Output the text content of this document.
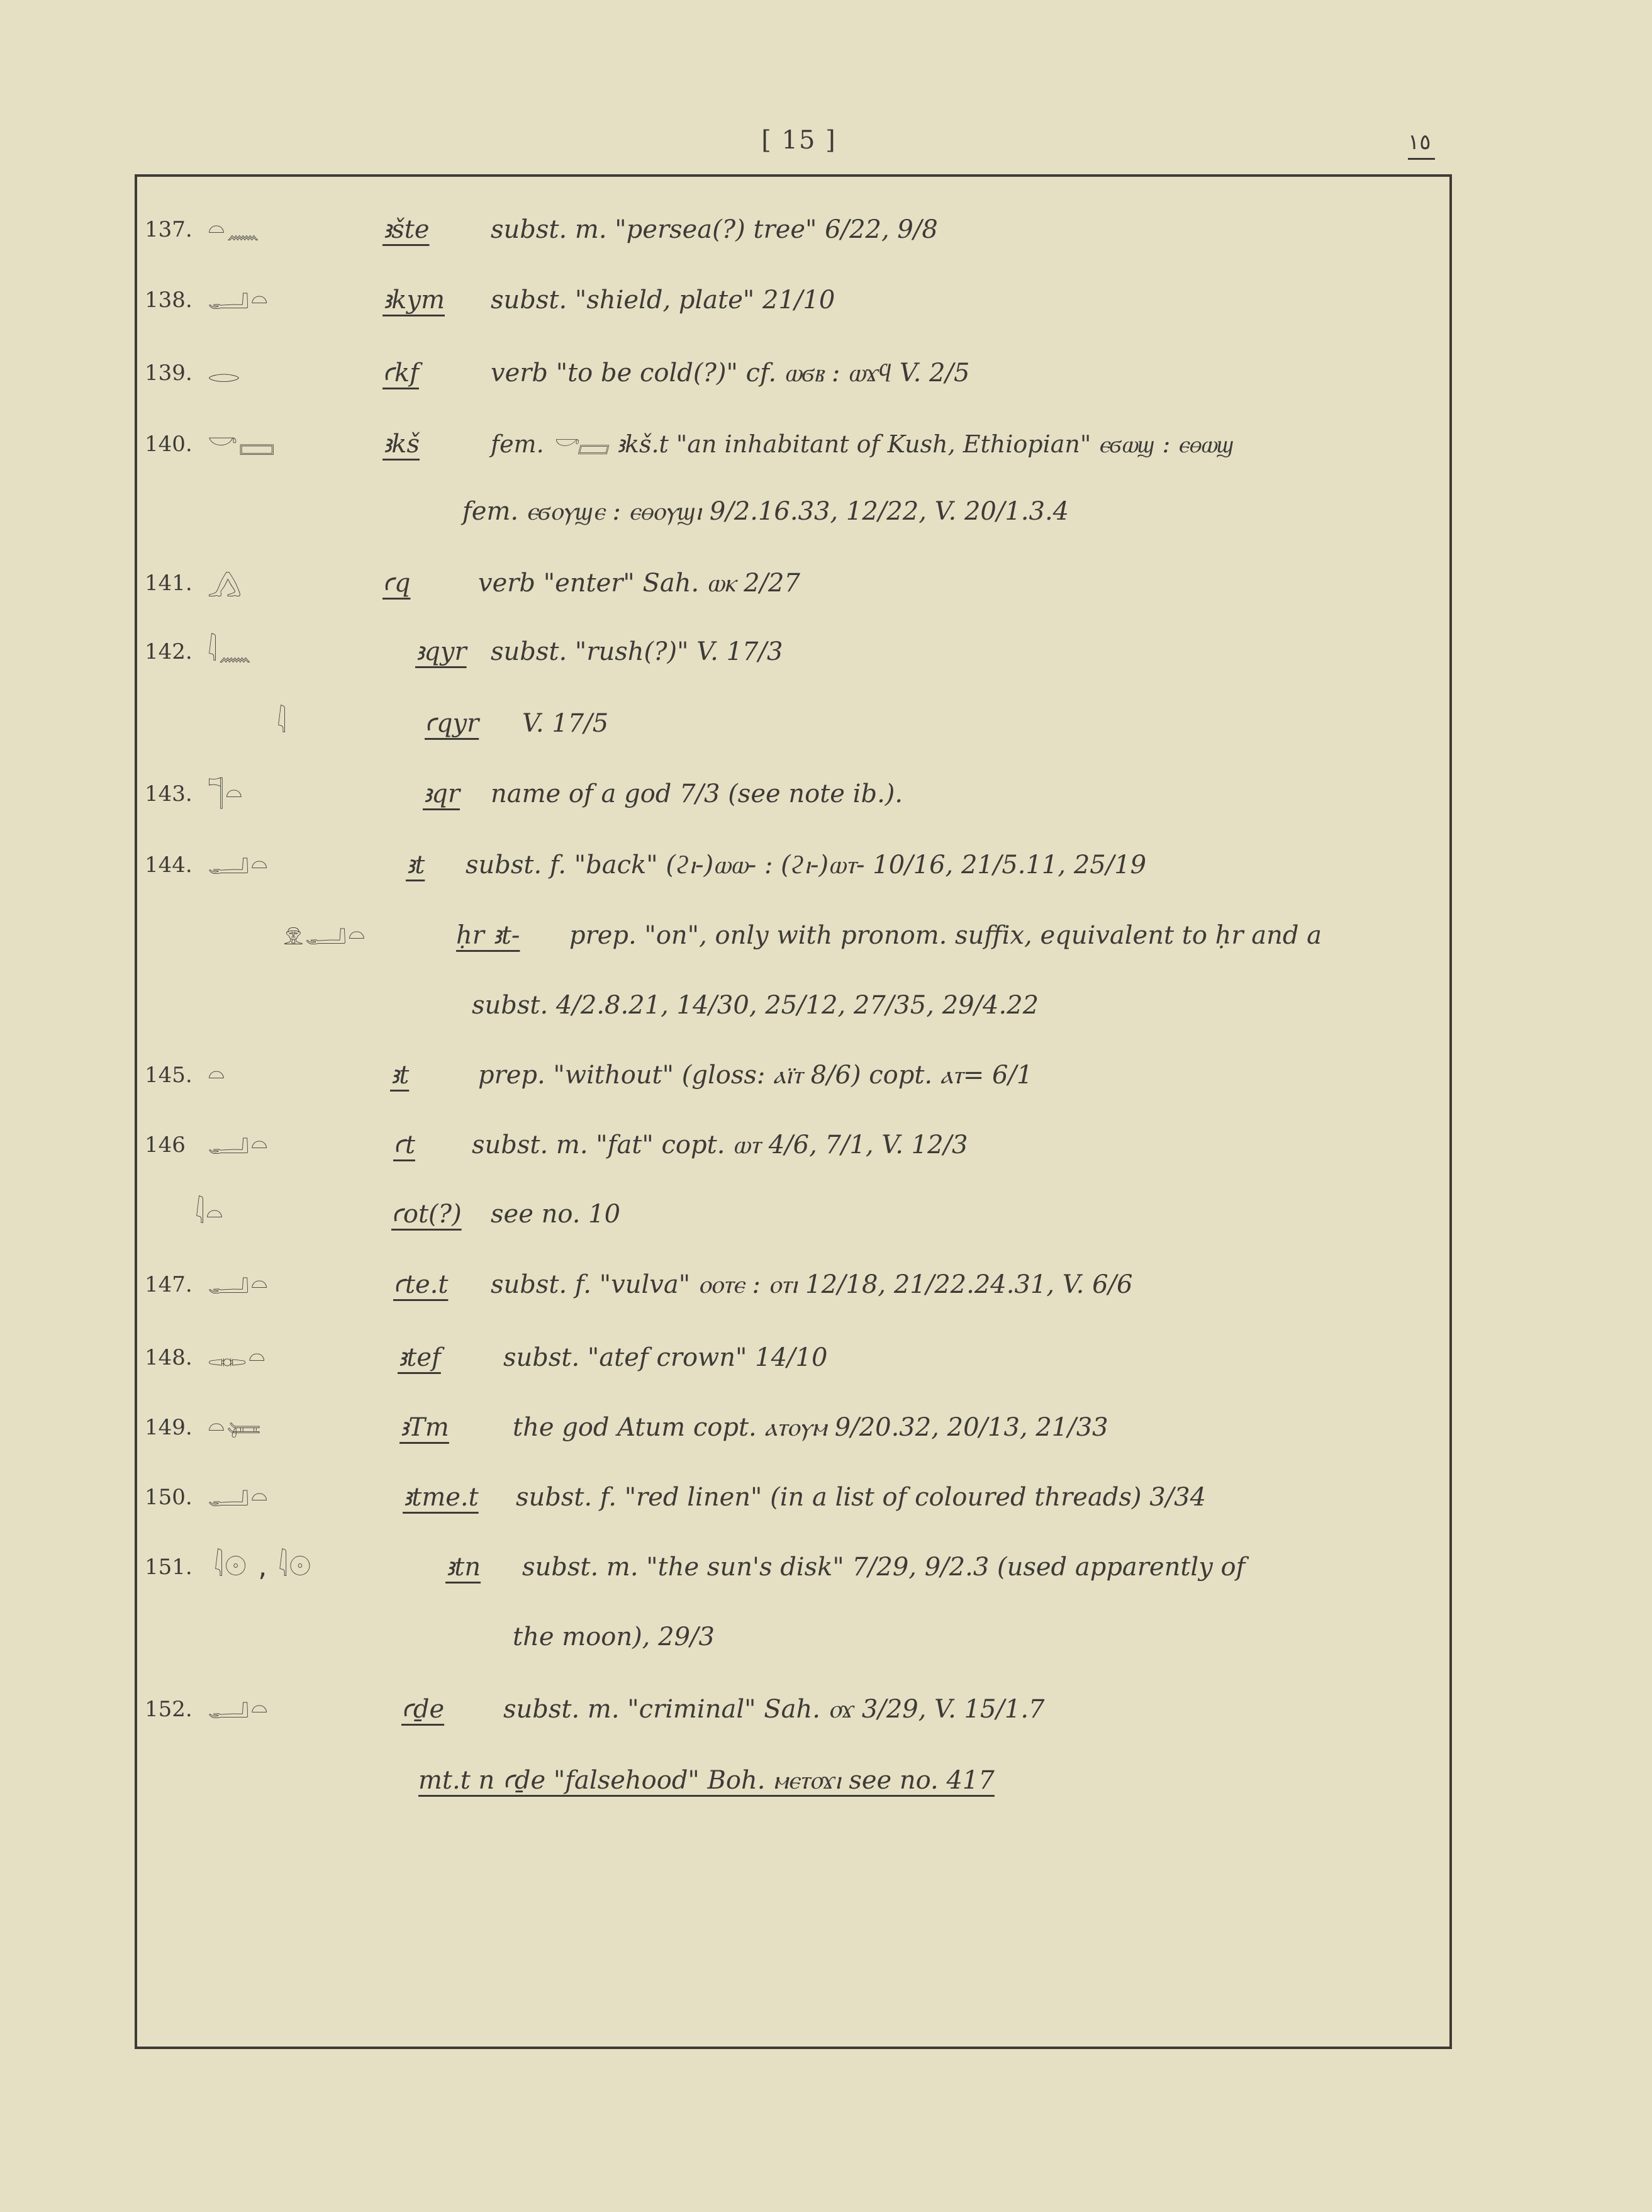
[ 15 ]	١٥
137. 𓏏𓈖	ꜣšte subst. m. "persea(?) tree" 6/22, 9/8
138. 𓂝𓏏	ꜣkym subst. "shield, plate" 21/10
139. 𓂋	ꜥkf	verb "to be cold(?)" cf. ⲱϭⲃ : ⲱϫϥ V. 2/5
140. 𓎡𓈙	ꜣkš	fem. 𓎡𓈙 ꜣkš.t "an inhabitant of Kush, Ethiopian" ⲉϭⲱϣ : ⲉⲑⲱϣ
fem. ⲉϭⲟⲩϣⲉ : ⲉⲑⲟⲩϣⲓ 9/2.16.33, 12/22, V. 20/1.3.4
141. 𓂻	ꜥq	verb "enter" Sah. ⲱⲕ 2/27
142. 𓇋𓈖	ꜣqyr subst. "rush(?)" V. 17/3
𓇋	ꜥqyr V. 17/5
143. 𓊹𓏏	ꜣqr name of a god 7/3 (see note ib.).
144. 𓂝𓏏	ꜣt subst. f. "back" (ϩⲓ-)ⲱⲱ- : (ϩⲓ-)ⲱⲧ- 10/16, 21/5.11, 25/19
𓁷𓂝𓏏	ḥr ꜣt- prep. "on", only with pronom. suffix, equivalent to ḥr and a
subst. 4/2.8.21, 14/30, 25/12, 27/35, 29/4.22
145. 𓏏	ꜣt	prep. "without" (gloss: ⲁⲓ̈ⲧ 8/6) copt. ⲁⲧ= 6/1
146 𓂝𓏏	ꜥt subst. m. "fat" copt. ⲱⲧ 4/6, 7/1, V. 12/3
𓇋𓏏	ꜥot(?) see no. 10
147. 𓂝𓏏	ꜥte.t subst. f. "vulva" ⲟⲟⲧⲉ : ⲟⲧⲓ 12/18, 21/22.24.31, V. 6/6
148. 𓋊𓏏	ꜣtef subst. "atef crown" 14/10
149. 𓏏𓍃	ꜣTm	the god Atum copt. ⲁⲧⲟⲩⲙ 9/20.32, 20/13, 21/33
150. 𓂝𓏏	ꜣtme.t subst. f. "red linen" (in a list of coloured threads) 3/34
151. 𓇋𓇳 , 𓇋𓇳	ꜣtn subst. m. "the sun's disk" 7/29, 9/2.3 (used apparently of
the moon), 29/3
152. 𓂝𓏏	ꜥḏe subst. m. "criminal" Sah. ⲟϫ 3/29, V. 15/1.7
mt.t n ꜥḏe "falsehood" Boh. ⲙⲉⲧⲟϫⲓ see no. 417
